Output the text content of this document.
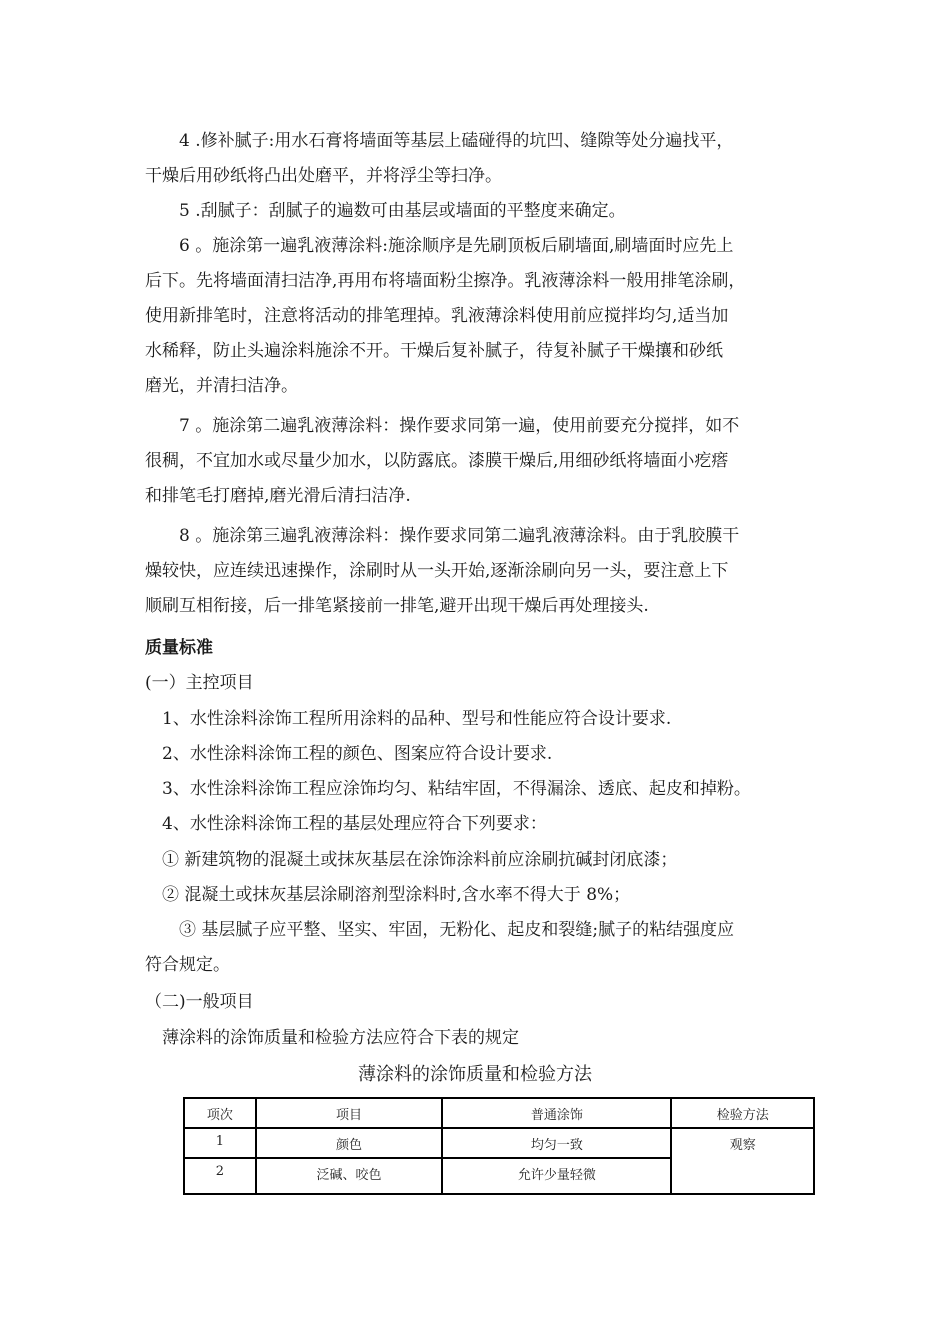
　　4 .修补腻子:用水石膏将墙面等基层上磕碰得的坑凹、缝隙等处分遍找平，
干燥后用砂纸将凸出处磨平，并将浮尘等扫净。
　　5 .刮腻子：刮腻子的遍数可由基层或墙面的平整度来确定。
　　6 。施涂第一遍乳液薄涂料:施涂顺序是先刷顶板后刷墙面,刷墙面时应先上
后下。先将墙面清扫洁净,再用布将墙面粉尘擦净。乳液薄涂料一般用排笔涂刷，
使用新排笔时，注意将活动的排笔理掉。乳液薄涂料使用前应搅拌均匀,适当加
水稀释，防止头遍涂料施涂不开。干燥后复补腻子，待复补腻子干燥攘和砂纸
磨光，并清扫洁净。
　　7 。施涂第二遍乳液薄涂料：操作要求同第一遍，使用前要充分搅拌，如不
很稠，不宜加水或尽量少加水，以防露底。漆膜干燥后,用细砂纸将墙面小疙瘩
和排笔毛打磨掉,磨光滑后清扫洁净.
　　8 。施涂第三遍乳液薄涂料：操作要求同第二遍乳液薄涂料。由于乳胶膜干
燥较快，应连续迅速操作，涂刷时从一头开始,逐渐涂刷向另一头，要注意上下
顺刷互相衔接，后一排笔紧接前一排笔,避开出现干燥后再处理接头.
质量标准
(一）主控项目
　1、水性涂料涂饰工程所用涂料的品种、型号和性能应符合设计要求.
　2、水性涂料涂饰工程的颜色、图案应符合设计要求.
　3、水性涂料涂饰工程应涂饰均匀、粘结牢固，不得漏涂、透底、起皮和掉粉。
　4、水性涂料涂饰工程的基层处理应符合下列要求：
　① 新建筑物的混凝土或抹灰基层在涂饰涂料前应涂刷抗碱封闭底漆；
　② 混凝土或抹灰基层涂刷溶剂型涂料时,含水率不得大于 8%；
　　③ 基层腻子应平整、坚实、牢固，无粉化、起皮和裂缝;腻子的粘结强度应
符合规定。
（二)一般项目
　薄涂料的涂饰质量和检验方法应符合下表的规定
薄涂料的涂饰质量和检验方法
项次	项目	普通涂饰	检验方法
1	颜色	均匀一致	观察
2	泛碱、咬色	允许少量轻微	
